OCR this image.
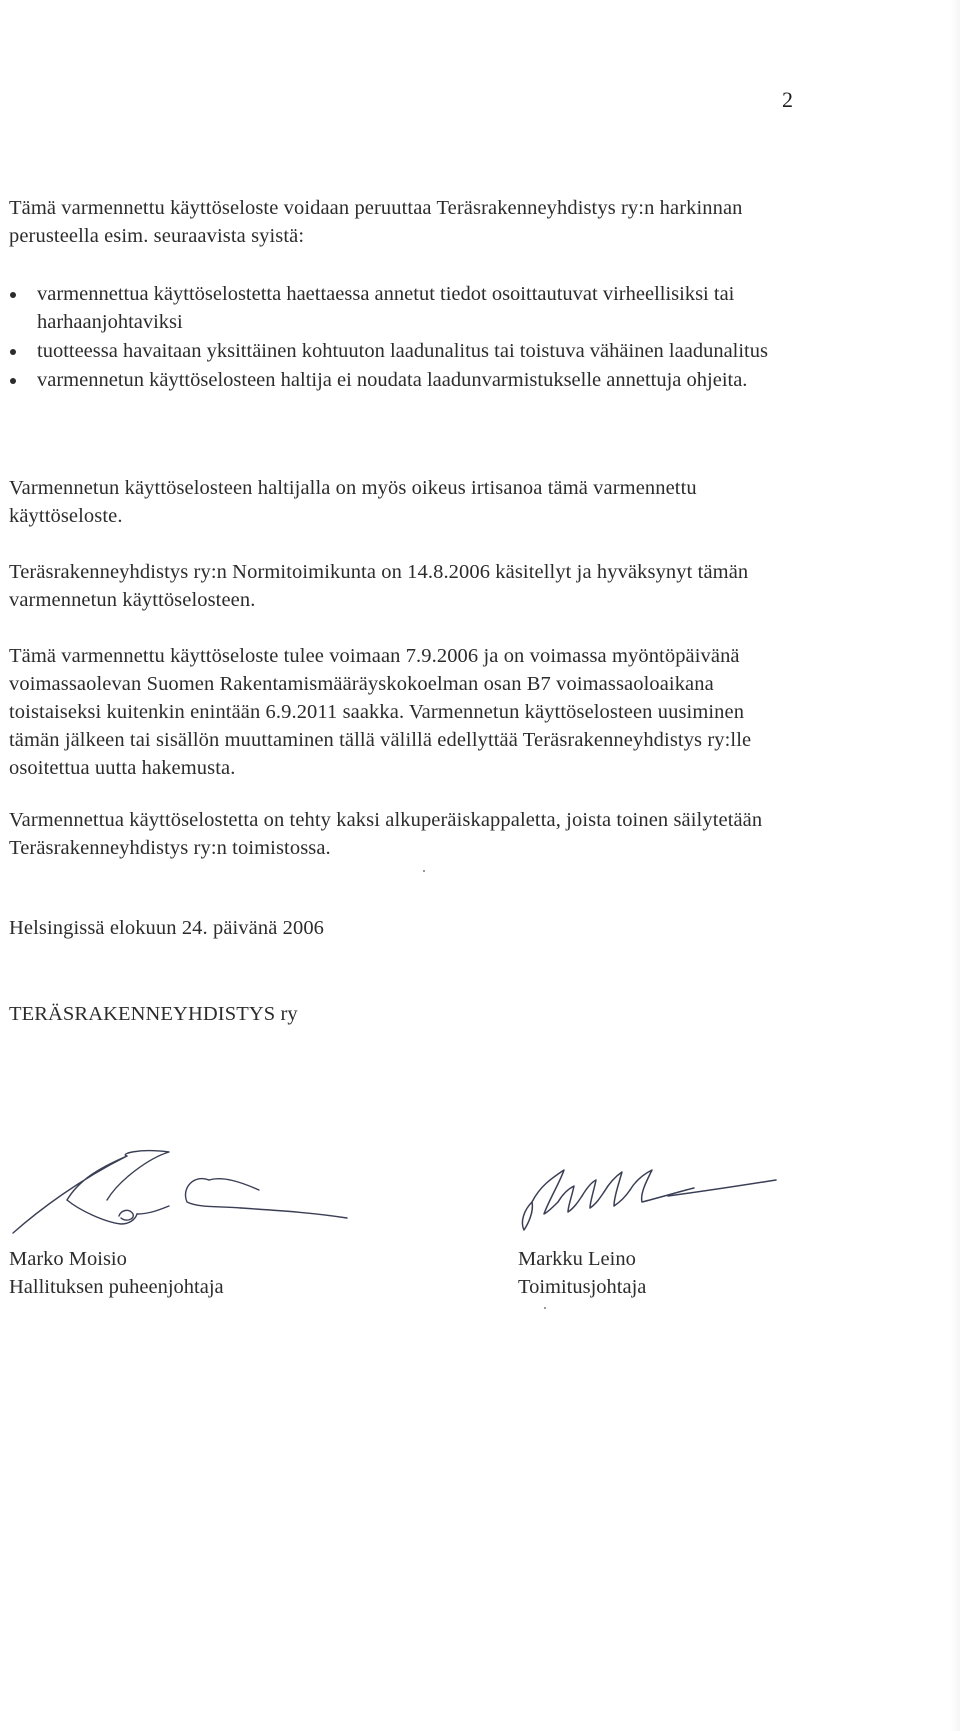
2

Tämä varmennettu käyttöseloste voidaan peruuttaa Teräsrakenneyhdistys ry:n harkinnan perusteella esim. seuraavista syistä:

varmennettua käyttöselostetta haettaessa annetut tiedot osoittautuvat virheellisiksi tai harhaanjohtaviksi
tuotteessa havaitaan yksittäinen kohtuuton laadunalitus tai toistuva vähäinen laadunalitus
varmennetun käyttöselosteen haltija ei noudata laadunvarmistukselle annettuja ohjeita.

Varmennetun käyttöselosteen haltijalla on myös oikeus irtisanoa tämä varmennettu käyttöseloste.

Teräsrakenneyhdistys ry:n Normitoimikunta on 14.8.2006 käsitellyt ja hyväksynyt tämän varmennetun käyttöselosteen.

Tämä varmennettu käyttöseloste tulee voimaan 7.9.2006 ja on voimassa myöntöpäivänä voimassaolevan Suomen Rakentamismääräyskokoelman osan B7 voimassaoloaikana toistaiseksi kuitenkin enintään 6.9.2011 saakka. Varmennetun käyttöselosteen uusiminen tämän jälkeen tai sisällön muuttaminen tällä välillä edellyttää Teräsrakenneyhdistys ry:lle osoitettua uutta hakemusta.

Varmennettua käyttöselostetta on tehty kaksi alkuperäiskappaletta, joista toinen säilytetään Teräsrakenneyhdistys ry:n toimistossa.

Helsingissä elokuun 24. päivänä 2006

TERÄSRAKENNEYHDISTYS ry

Marko Moisio
Hallituksen puheenjohtaja
Markku Leino
Toimitusjohtaja
